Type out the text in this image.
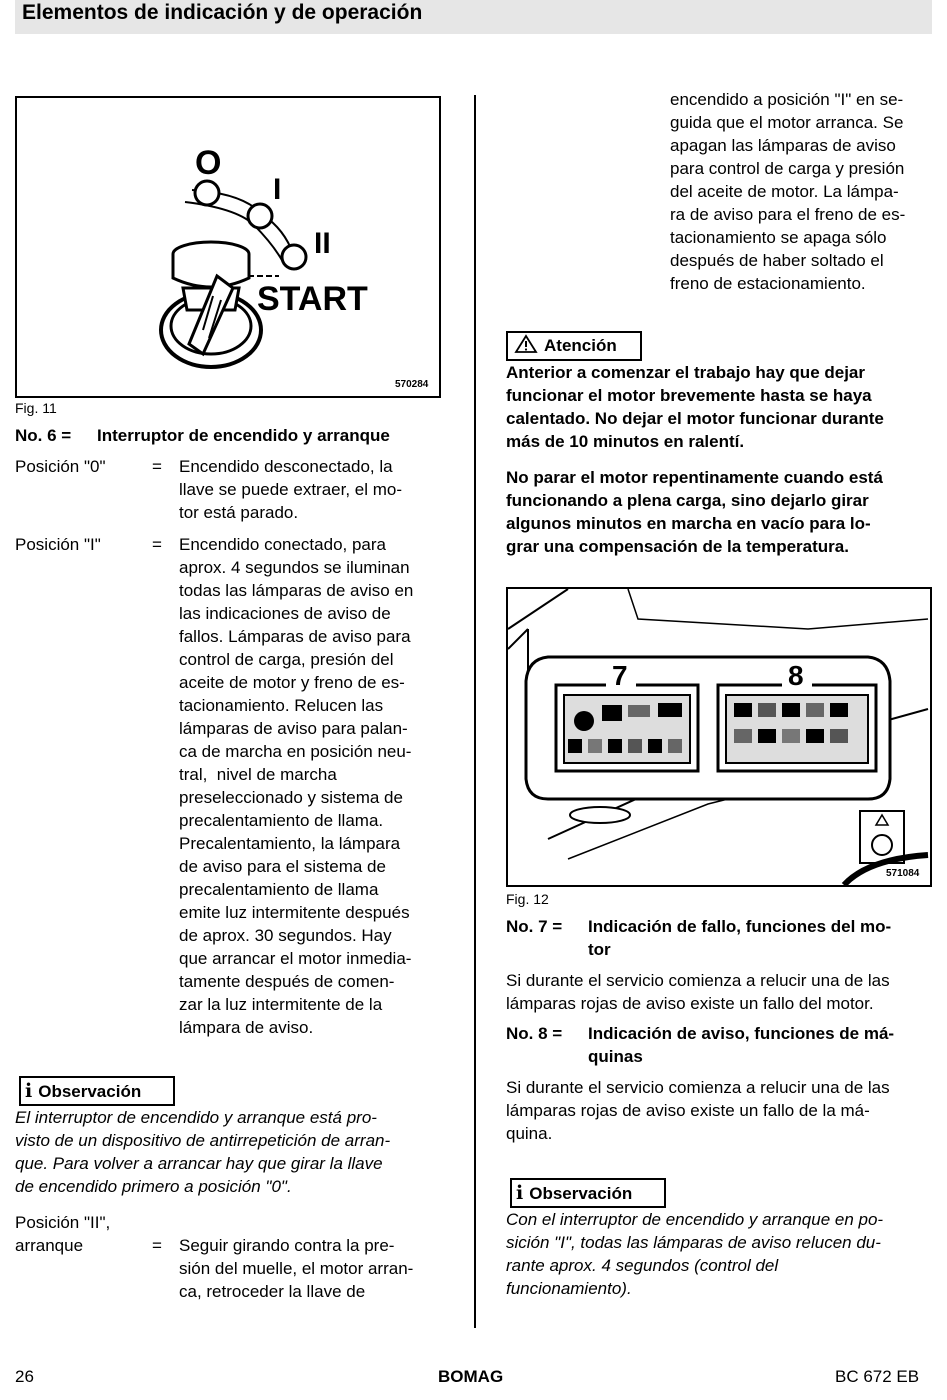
Elementos de indicación y de operación
O
I
II
START
570284
Fig. 11
No. 6 =	Interruptor de encendido y arranque
Posición "0"	= Encendido desconectado, la
llave se puede extraer, el mo-
tor está parado.
Posición "I"	= Encendido conectado, para
aprox. 4 segundos se iluminan
todas las lámparas de aviso en
las indicaciones de aviso de
fallos. Lámparas de aviso para
control de carga, presión del
aceite de motor y freno de es-
tacionamiento. Relucen las
lámparas de aviso para palan-
ca de marcha en posición neu-
tral,  nivel de marcha
preseleccionado y sistema de
precalentamiento de llama.
Precalentamiento, la lámpara
de aviso para el sistema de
precalentamiento de llama
emite luz intermitente después
de aprox. 30 segundos. Hay
que arrancar el motor inmedia-
tamente después de comen-
zar la luz intermitente de la
lámpara de aviso.
i Observación
El interruptor de encendido y arranque está pro-
visto de un dispositivo de antirrepetición de arran-
que. Para volver a arrancar hay que girar la llave
de encendido primero a posición "0".
Posición "II",
arranque	= Seguir girando contra la pre-
sión del muelle, el motor arran-
ca, retroceder la llave de
encendido a posición "I" en se-
guida que el motor arranca. Se
apagan las lámparas de aviso
para control de carga y presión
del aceite de motor. La lámpa-
ra de aviso para el freno de es-
tacionamiento se apaga sólo
después de haber soltado el
freno de estacionamiento.
Atención
Anterior a comenzar el trabajo hay que dejar
funcionar el motor brevemente hasta se haya
calentado. No dejar el motor funcionar durante
más de 10 minutos en ralentí.
No parar el motor repentinamente cuando está
funcionando a plena carga, sino dejarlo girar
algunos minutos en marcha en vacío para lo-
grar una compensación de la temperatura.
7	8
571084
Fig. 12
No. 7 =	Indicación de fallo, funciones del mo-
tor
Si durante el servicio comienza a relucir una de las
lámparas rojas de aviso existe un fallo del motor.
No. 8 =	Indicación de aviso, funciones de má-
quinas
Si durante el servicio comienza a relucir una de las
lámparas rojas de aviso existe un fallo de la má-
quina.
i Observación
Con el interruptor de encendido y arranque en po-
sición "I", todas las lámparas de aviso relucen du-
rante aprox. 4 segundos (control del
funcionamiento).
26	BOMAG	BC 672 EB
